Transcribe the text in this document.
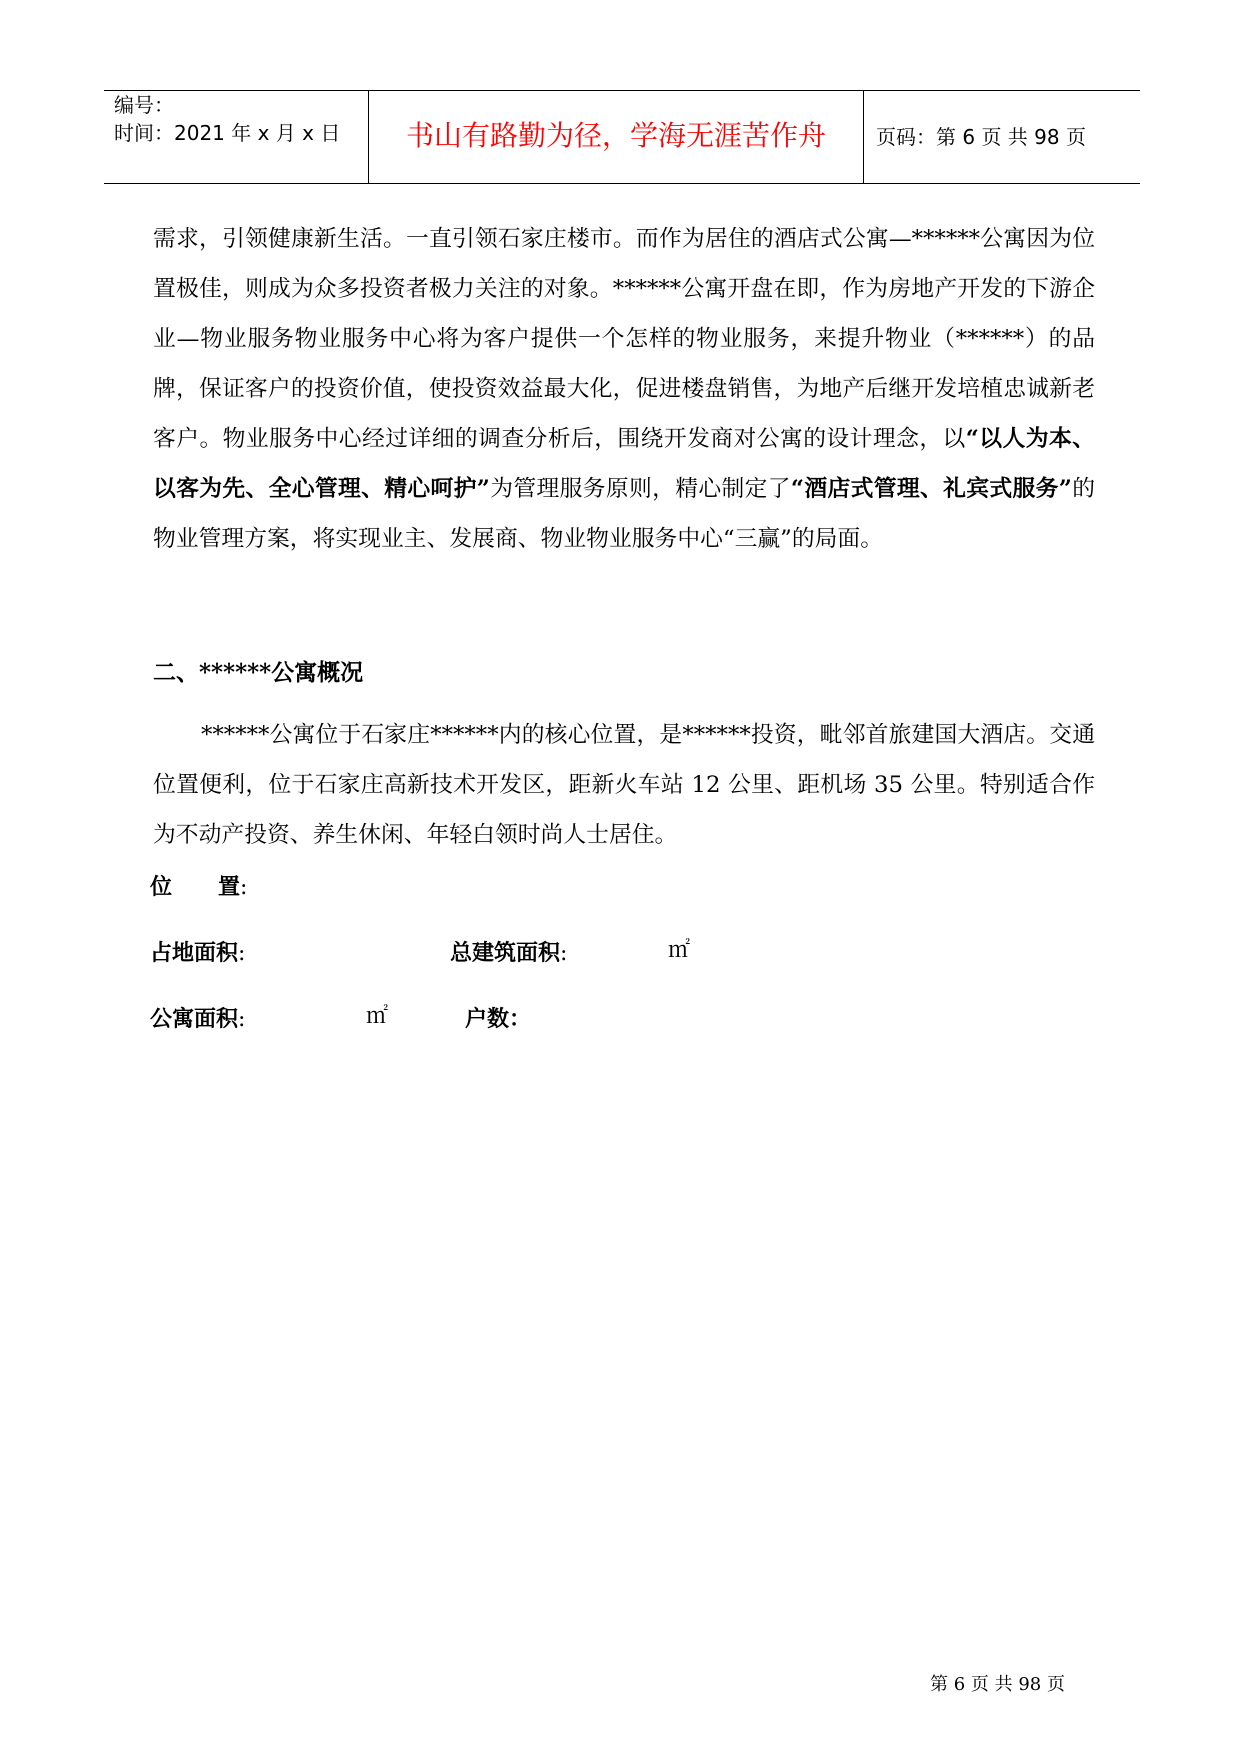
编号：
时间：2021 年 x 月 x 日	书山有路勤为径，学海无涯苦作舟	页码：第 6 页 共 98 页

需求，引领健康新生活。一直引领石家庄楼市。而作为居住的酒店式公寓—******公寓因为位置极佳，则成为众多投资者极力关注的对象。******公寓开盘在即，作为房地产开发的下游企业—物业服务物业服务中心将为客户提供一个怎样的物业服务，来提升物业（******）的品牌，保证客户的投资价值，使投资效益最大化，促进楼盘销售，为地产后继开发培植忠诚新老客户。物业服务中心经过详细的调查分析后，围绕开发商对公寓的设计理念，以“以人为本、以客为先、全心管理、精心呵护”为管理服务原则，精心制定了“酒店式管理、礼宾式服务”的物业管理方案，将实现业主、发展商、物业物业服务中心“三赢”的局面。

二、******公寓概况

******公寓位于石家庄******内的核心位置，是******投资，毗邻首旅建国大酒店。交通位置便利，位于石家庄高新技术开发区，距新火车站 12 公里、距机场 35 公里。特别适合作为不动产投资、养生休闲、年轻白领时尚人士居住。

位      置:
占地面积:	总建筑面积:	㎡
公寓面积:	㎡	户数：
第 6 页 共 98 页
